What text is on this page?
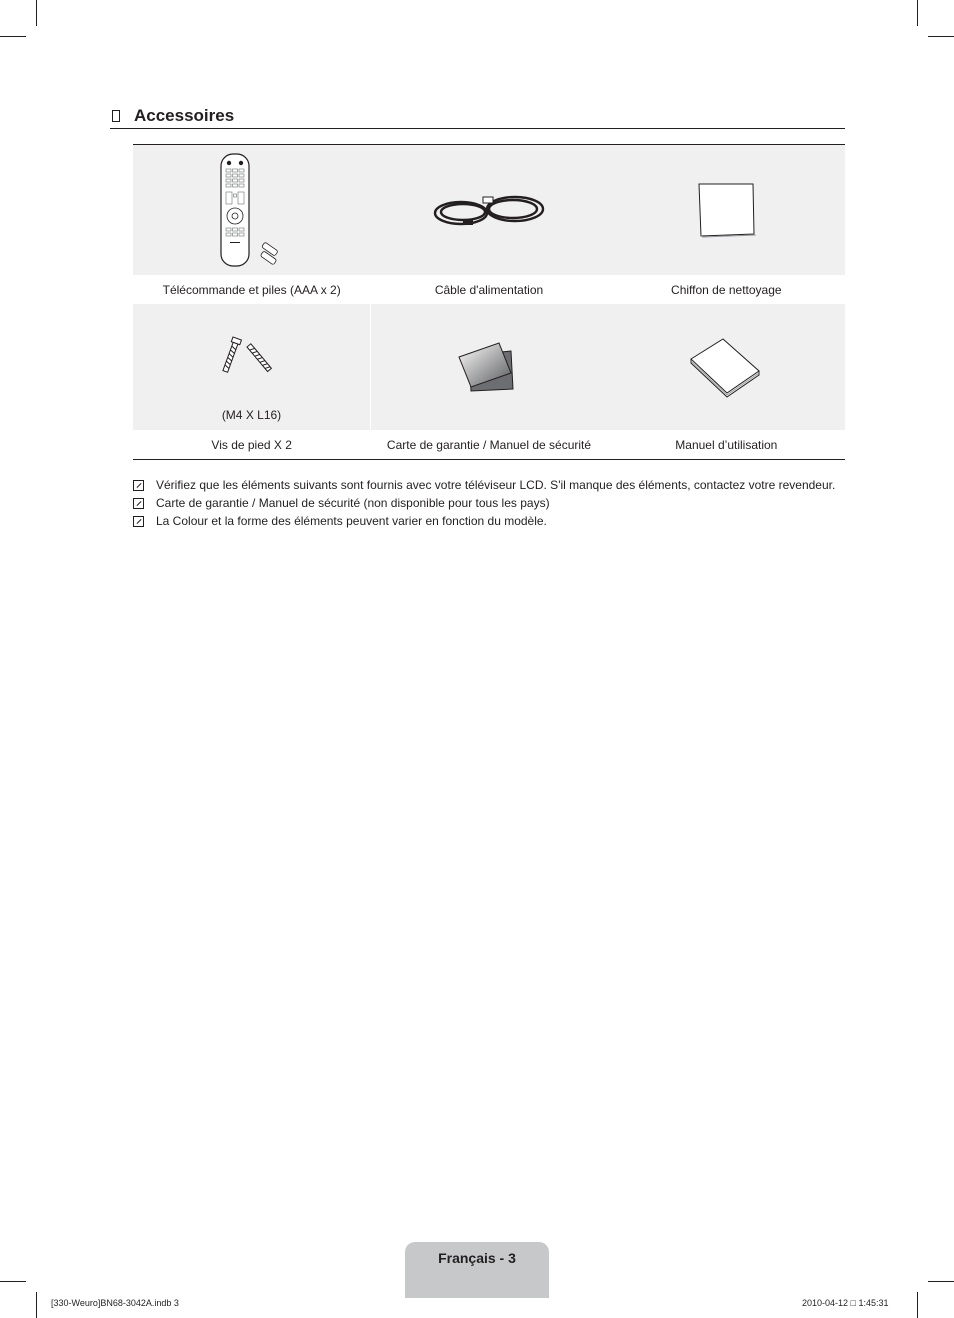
Accessoires
Télécommande et piles (AAA x 2)	Câble d'alimentation	Chiffon de nettoyage
(M4 X L16)
Vis de pied X 2	Carte de garantie / Manuel de sécurité	Manuel d’utilisation
Vérifiez que les éléments suivants sont fournis avec votre téléviseur LCD. S'il manque des éléments, contactez votre revendeur.
Carte de garantie / Manuel de sécurité (non disponible pour tous les pays)
La Colour et la forme des éléments peuvent varier en fonction du modèle.
Français - 3
[330-Weuro]BN68-3042A.indb 3	2010-04-12 □ 1:45:31
